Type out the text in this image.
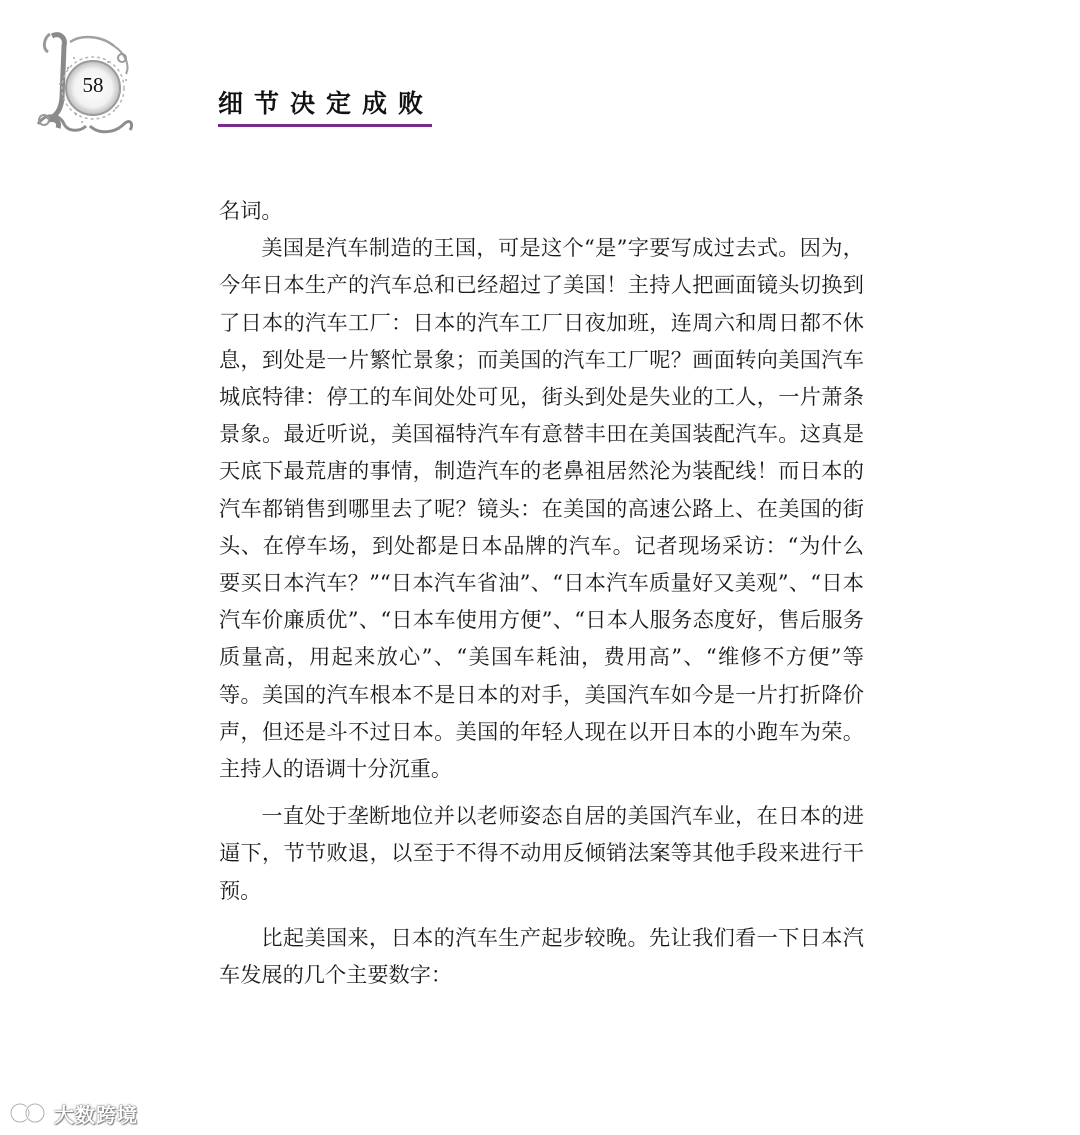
58
细节决定成败

名词。

美国是汽车制造的王国，可是这个“是”字要写成过去式。因为，今年日本生产的汽车总和已经超过了美国！主持人把画面镜头切换到了日本的汽车工厂：日本的汽车工厂日夜加班，连周六和周日都不休息，到处是一片繁忙景象；而美国的汽车工厂呢？画面转向美国汽车城底特律：停工的车间处处可见，街头到处是失业的工人，一片萧条景象。最近听说，美国福特汽车有意替丰田在美国装配汽车。这真是天底下最荒唐的事情，制造汽车的老鼻祖居然沦为装配线！而日本的汽车都销售到哪里去了呢？镜头：在美国的高速公路上、在美国的街头、在停车场，到处都是日本品牌的汽车。记者现场采访：“为什么要买日本汽车？”“日本汽车省油”、“日本汽车质量好又美观”、“日本汽车价廉质优”、“日本车使用方便”、“日本人服务态度好，售后服务质量高，用起来放心”、“美国车耗油，费用高”、“维修不方便”等等。美国的汽车根本不是日本的对手，美国汽车如今是一片打折降价声，但还是斗不过日本。美国的年轻人现在以开日本的小跑车为荣。主持人的语调十分沉重。

一直处于垄断地位并以老师姿态自居的美国汽车业，在日本的进逼下，节节败退，以至于不得不动用反倾销法案等其他手段来进行干预。

比起美国来，日本的汽车生产起步较晚。先让我们看一下日本汽车发展的几个主要数字：

大数跨境
